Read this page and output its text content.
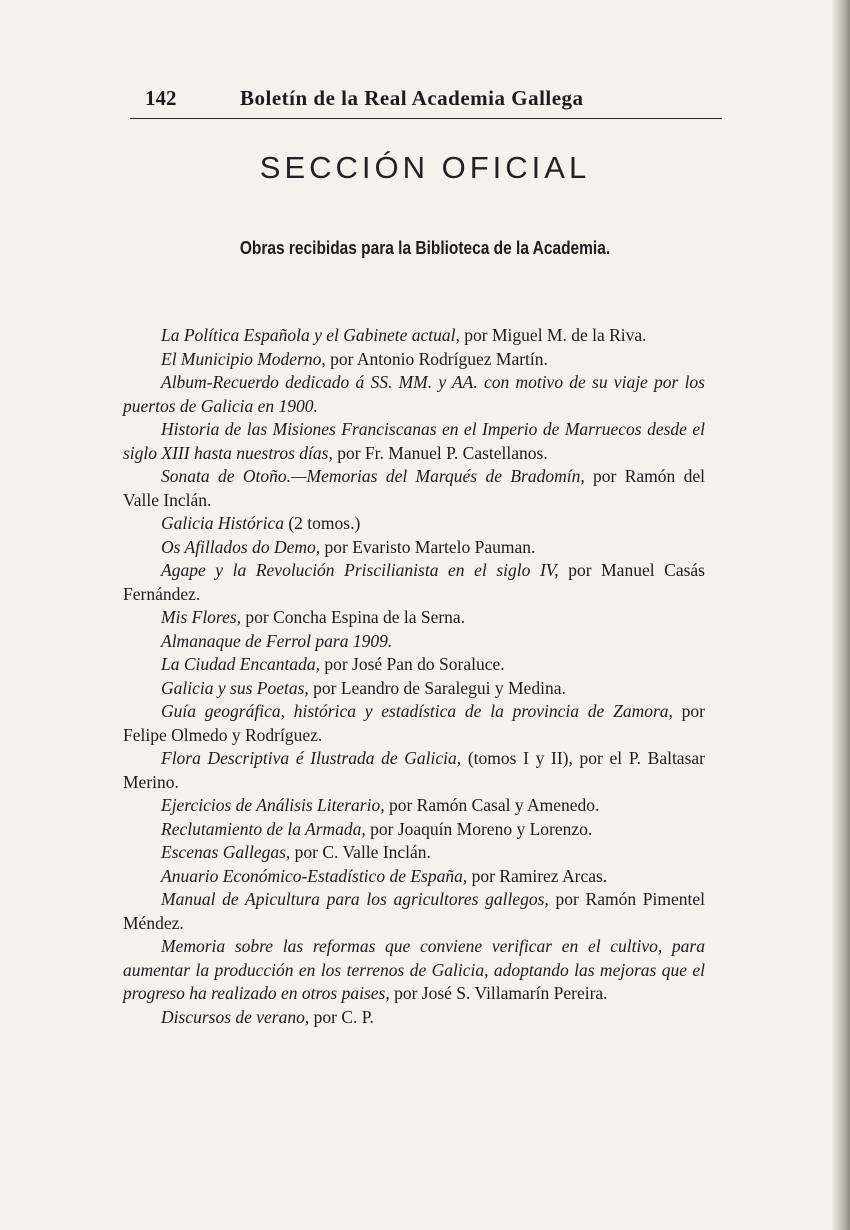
142	Boletín de la Real Academia Gallega
SECCIÓN OFICIAL
Obras recibidas para la Biblioteca de la Academia.

La Política Española y el Gabinete actual, por Miguel M. de la Riva.

El Municipio Moderno, por Antonio Rodríguez Martín.

Album-Recuerdo dedicado á SS. MM. y AA. con motivo de su viaje por los puertos de Galicia en 1900.

Historia de las Misiones Franciscanas en el Imperio de Marruecos desde el siglo XIII hasta nuestros días, por Fr. Manuel P. Castellanos.

Sonata de Otoño.—Memorias del Marqués de Bradomín, por Ramón del Valle Inclán.

Galicia Histórica (2 tomos.)

Os Afillados do Demo, por Evaristo Martelo Pauman.

Agape y la Revolución Priscilianista en el siglo IV, por Manuel Casás Fernández.

Mis Flores, por Concha Espina de la Serna.

Almanaque de Ferrol para 1909.

La Ciudad Encantada, por José Pan do Soraluce.

Galicia y sus Poetas, por Leandro de Saralegui y Medina.

Guía geográfica, histórica y estadística de la provincia de Zamora, por Felipe Olmedo y Rodríguez.

Flora Descriptiva é Ilustrada de Galicia, (tomos I y II), por el P. Baltasar Merino.

Ejercicios de Análisis Literario, por Ramón Casal y Amenedo.

Reclutamiento de la Armada, por Joaquín Moreno y Lorenzo.

Escenas Gallegas, por C. Valle Inclán.

Anuario Económico-Estadístico de España, por Ramirez Arcas.

Manual de Apicultura para los agricultores gallegos, por Ramón Pimentel Méndez.

Memoria sobre las reformas que conviene verificar en el cultivo, para aumentar la producción en los terrenos de Galicia, adoptando las mejoras que el progreso ha realizado en otros paises, por José S. Villamarín Pereira.

Discursos de verano, por C. P.
